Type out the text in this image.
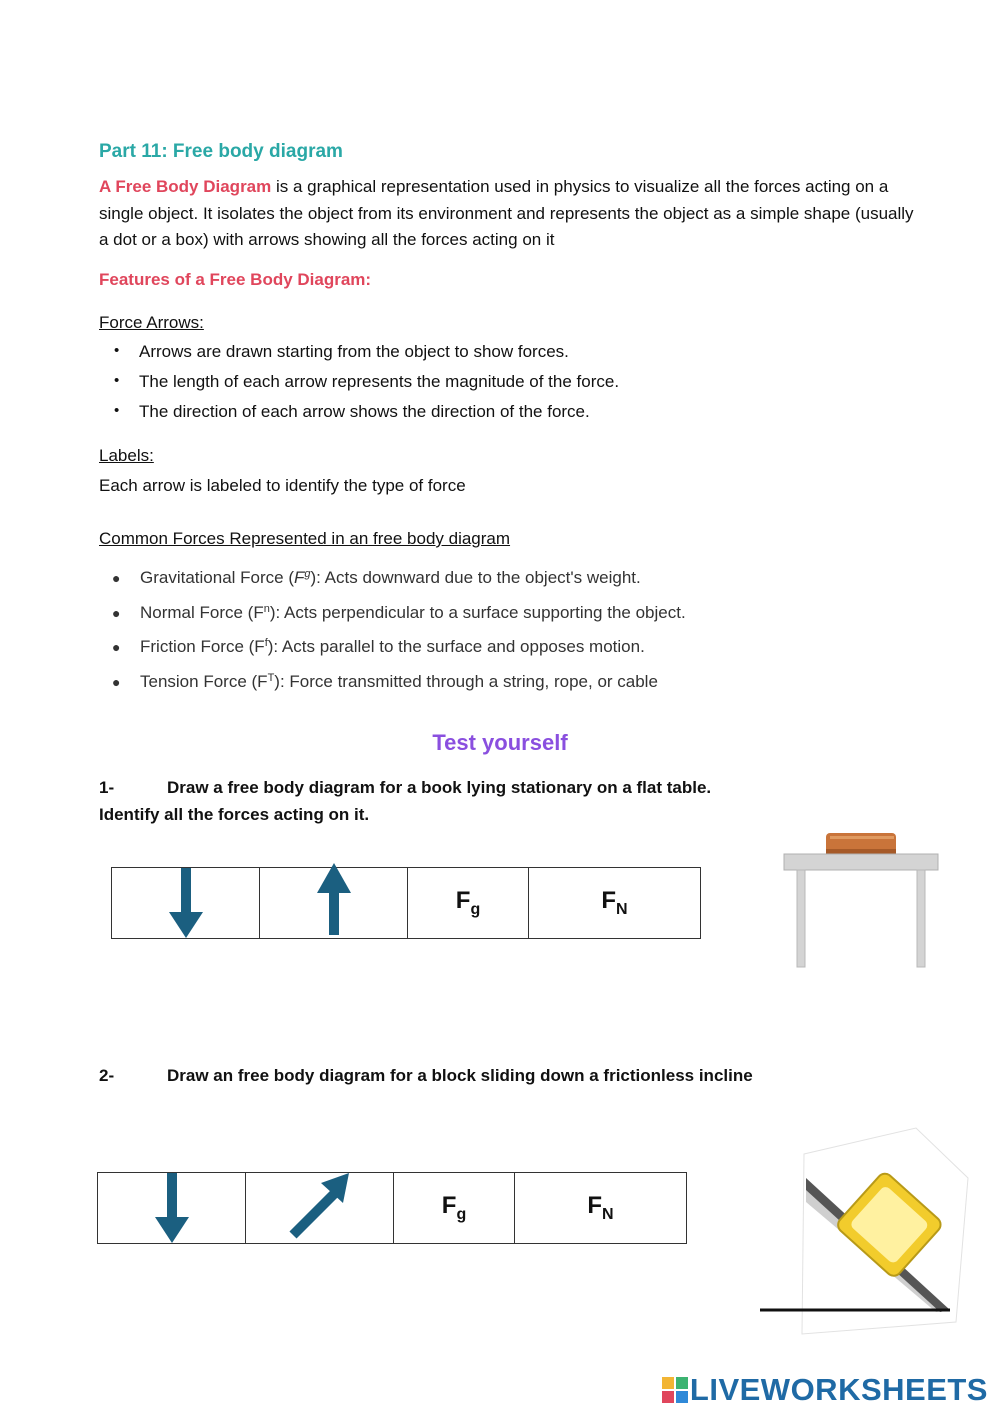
Part 11: Free body diagram
A Free Body Diagram is a graphical representation used in physics to visualize all the forces acting on a single object. It isolates the object from its environment and represents the object as a simple shape (usually a dot or a box) with arrows showing all the forces acting on it
Features of a Free Body Diagram:
Force Arrows:
•	Arrows are drawn starting from the object to show forces.
•	The length of each arrow represents the magnitude of the force.
•	The direction of each arrow shows the direction of the force.
Labels:
Each arrow is labeled to identify the type of force
Common Forces Represented in an free body diagram
●	Gravitational Force ( F g ): Acts downward due to the object's weight.
●	Normal Force ( F n ): Acts perpendicular to a surface supporting the object.
●	Friction Force ( F f ): Acts parallel to the surface and opposes motion.
●	Tension Force ( F T ): Force transmitted through a string, rope, or cable
Test yourself
1-	Draw a free body diagram for a book lying stationary on a flat table.
Identify all the forces acting on it.

	$F_g$	$F_N$
2-	Draw an free body diagram for a block sliding down a frictionless incline

	$F_g$	$F_N$
LIVEWORKSHEETS
